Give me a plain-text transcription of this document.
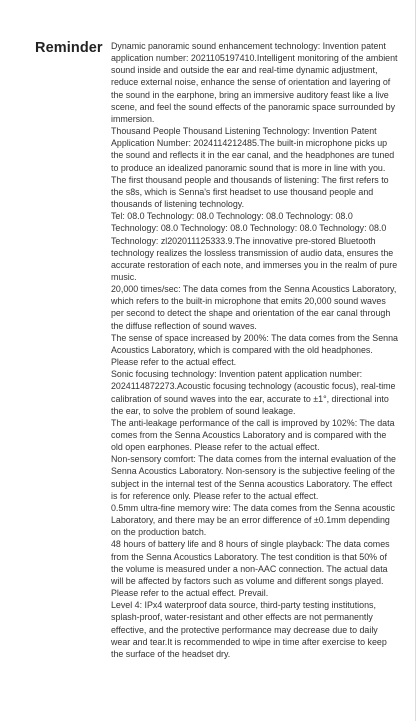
Reminder Dynamic panoramic sound enhancement technology: Invention patent application number: 2021105197410.Intelligent monitoring of the ambient sound inside and outside the ear and real-time dynamic adjustment, reduce external noise, enhance the sense of orientation and layering of the sound in the earphone, bring an immersive auditory feast like a live scene, and feel the sound effects of the panoramic space surrounded by immersion.

Thousand People Thousand Listening Technology: Invention Patent Application Number: 2024114212485.The built-in microphone picks up the sound and reflects it in the ear canal, and the headphones are tuned to produce an idealized panoramic sound that is more in line with you.

The first thousand people and thousands of listening: The first refers to the s8s, which is Senna's first headset to use thousand people and thousands of listening technology.

Tel: 08.0 Technology: 08.0 Technology: 08.0 Technology: 08.0 Technology: 08.0 Technology: 08.0 Technology: 08.0 Technology: 08.0 Technology: zl202011125333.9.The innovative pre-stored Bluetooth technology realizes the lossless transmission of audio data, ensures the accurate restoration of each note, and immerses you in the realm of pure music.

20,000 times/sec: The data comes from the Senna Acoustics Laboratory, which refers to the built-in microphone that emits 20,000 sound waves per second to detect the shape and orientation of the ear canal through the diffuse reflection of sound waves.

The sense of space increased by 200%: The data comes from the Senna Acoustics Laboratory, which is compared with the old headphones. Please refer to the actual effect.

Sonic focusing technology: Invention patent application number: 2024114872273.Acoustic focusing technology (acoustic focus), real-time calibration of sound waves into the ear, accurate to ±1°, directional into the ear, to solve the problem of sound leakage.

The anti-leakage performance of the call is improved by 102%: The data comes from the Senna Acoustics Laboratory and is compared with the old open earphones. Please refer to the actual effect.

Non-sensory comfort: The data comes from the internal evaluation of the Senna Acoustics Laboratory. Non-sensory is the subjective feeling of the subject in the internal test of the Senna acoustics Laboratory. The effect is for reference only. Please refer to the actual effect.

0.5mm ultra-fine memory wire: The data comes from the Senna acoustic Laboratory, and there may be an error difference of ±0.1mm depending on the production batch.

48 hours of battery life and 8 hours of single playback: The data comes from the Senna Acoustics Laboratory. The test condition is that 50% of the volume is measured under a non-AAC connection. The actual data will be affected by factors such as volume and different songs played. Please refer to the actual effect. Prevail.

Level 4: IPx4 waterproof data source, third-party testing institutions, splash-proof, water-resistant and other effects are not permanently effective, and the protective performance may decrease due to daily wear and tear.It is recommended to wipe in time after exercise to keep the surface of the headset dry.
